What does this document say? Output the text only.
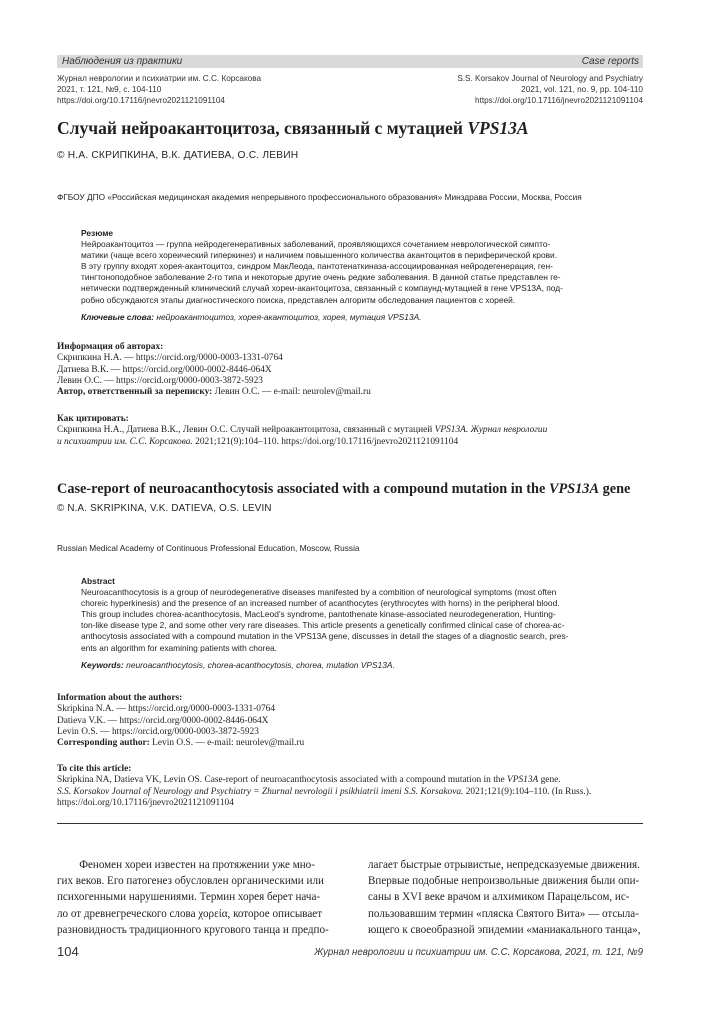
Наблюдения из практики	Case reports
Журнал неврологии и психиатрии им. С.С. Корсакова
2021, т. 121, №9, с. 104-110
https://doi.org/10.17116/jnevro2021121091104
S.S. Korsakov Journal of Neurology and Psychiatry
2021, vol. 121, no. 9, pp. 104-110
https://doi.org/10.17116/jnevro2021121091104
Случай нейроакантоцитоза, связанный с мутацией VPS13A
© Н.А. СКРИПКИНА, В.К. ДАТИЕВА, О.С. ЛЕВИН
ФГБОУ ДПО «Российская медицинская академия непрерывного профессионального образования» Минздрава России, Москва, Россия
Резюме

Нейроакантоцитоз — группа нейродегенеративных заболеваний, проявляющихся сочетанием неврологической симпто-

матики (чаще всего хореический гиперкинез) и наличием повышенного количества акантоцитов в периферической крови.

В эту группу входят хорея-акантоцитоз, синдром МакЛеода, пантотенаткиназа-ассоциированная нейродегенерация, ген-

тингтоноподобное заболевание 2-го типа и некоторые другие очень редкие заболевания. В данной статье представлен ге-

нетически подтвержденный клинический случай хореи-акантоцитоза, связанный с компаунд-мутацией в гене VPS13A, под-

робно обсуждаются этапы диагностического поиска, представлен алгоритм обследования пациентов с хореей.

Ключевые слова: нейроакантоцитоз, хорея-акантоцитоз, хорея, мутация VPS13A.

Информация об авторах:
Скрипкина Н.А. — https://orcid.org/0000-0003-1331-0764
Датиева В.К. — https://orcid.org/0000-0002-8446-064X
Левин О.С. — https://orcid.org/0000-0003-3872-5923
Автор, ответственный за переписку: Левин О.С. — e-mail: neurolev@mail.ru
Как цитировать:
Скрипкина Н.А., Датиева В.К., Левин О.С. Случай нейроакантоцитоза, связанный с мутацией VPS13A. Журнал неврологии
и психиатрии им. С.С. Корсакова. 2021;121(9):104–110. https://doi.org/10.17116/jnevro2021121091104
Case-report of neuroacanthocytosis associated with a compound mutation in the VPS13A gene
© N.A. SKRIPKINA, V.K. DATIEVA, O.S. LEVIN
Russian Medical Academy of Continuous Professional Education, Moscow, Russia
Abstract

Neuroacanthocytosis is a group of neurodegenerative diseases manifested by a combition of neurological symptoms (most often

choreic hyperkinesis) and the presence of an increased number of acanthocytes (erythrocytes with horns) in the peripheral blood.

This group includes chorea-acanthocytosis, MacLeod’s syndrome, pantothenate kinase-associated neurodegeneration, Hunting-

ton-like disease type 2, and some other very rare diseases. This article presents a genetically confirmed clinical case of chorea-ac-

anthocytosis associated with a compound mutation in the VPS13A gene, discusses in detail the stages of a diagnostic search, pres-

ents an algorithm for examining patients with chorea.

Keywords: neuroacanthocytosis, chorea-acanthocytosis, chorea, mutation VPS13A.

Information about the authors:
Skripkina N.A. — https://orcid.org/0000-0003-1331-0764
Datieva V.K. — https://orcid.org/0000-0002-8446-064X
Levin O.S. — https://orcid.org/0000-0003-3872-5923
Corresponding author: Levin O.S. — e-mail: neurolev@mail.ru
To cite this article:
Skripkina NA, Datieva VK, Levin OS. Case-report of neuroacanthocytosis associated with a compound mutation in the VPS13A gene.
S.S. Korsakov Journal of Neurology and Psychiatry = Zhurnal nevrologii i psikhiatrii imeni S.S. Korsakova. 2021;121(9):104–110. (In Russ.).
https://doi.org/10.17116/jnevro2021121091104
Феномен хореи известен на протяжении уже мно-
гих веков. Его патогенез обусловлен органическими или
психогенными нарушениями. Термин хорея берет нача-
ло от древнегреческого слова χορεία, которое описывает
разновидность традиционного кругового танца и предпо-
лагает быстрые отрывистые, непредсказуемые движения.
Впервые подобные непроизвольные движения были опи-
саны в XVI веке врачом и алхимиком Парацельсом, ис-
пользовавшим термин «пляска Святого Вита» — отсыла-
ющего к своеобразной эпидемии «маниакального танца»,
104	Журнал неврологии и психиатрии им. С.С. Корсакова, 2021, т. 121, №9
